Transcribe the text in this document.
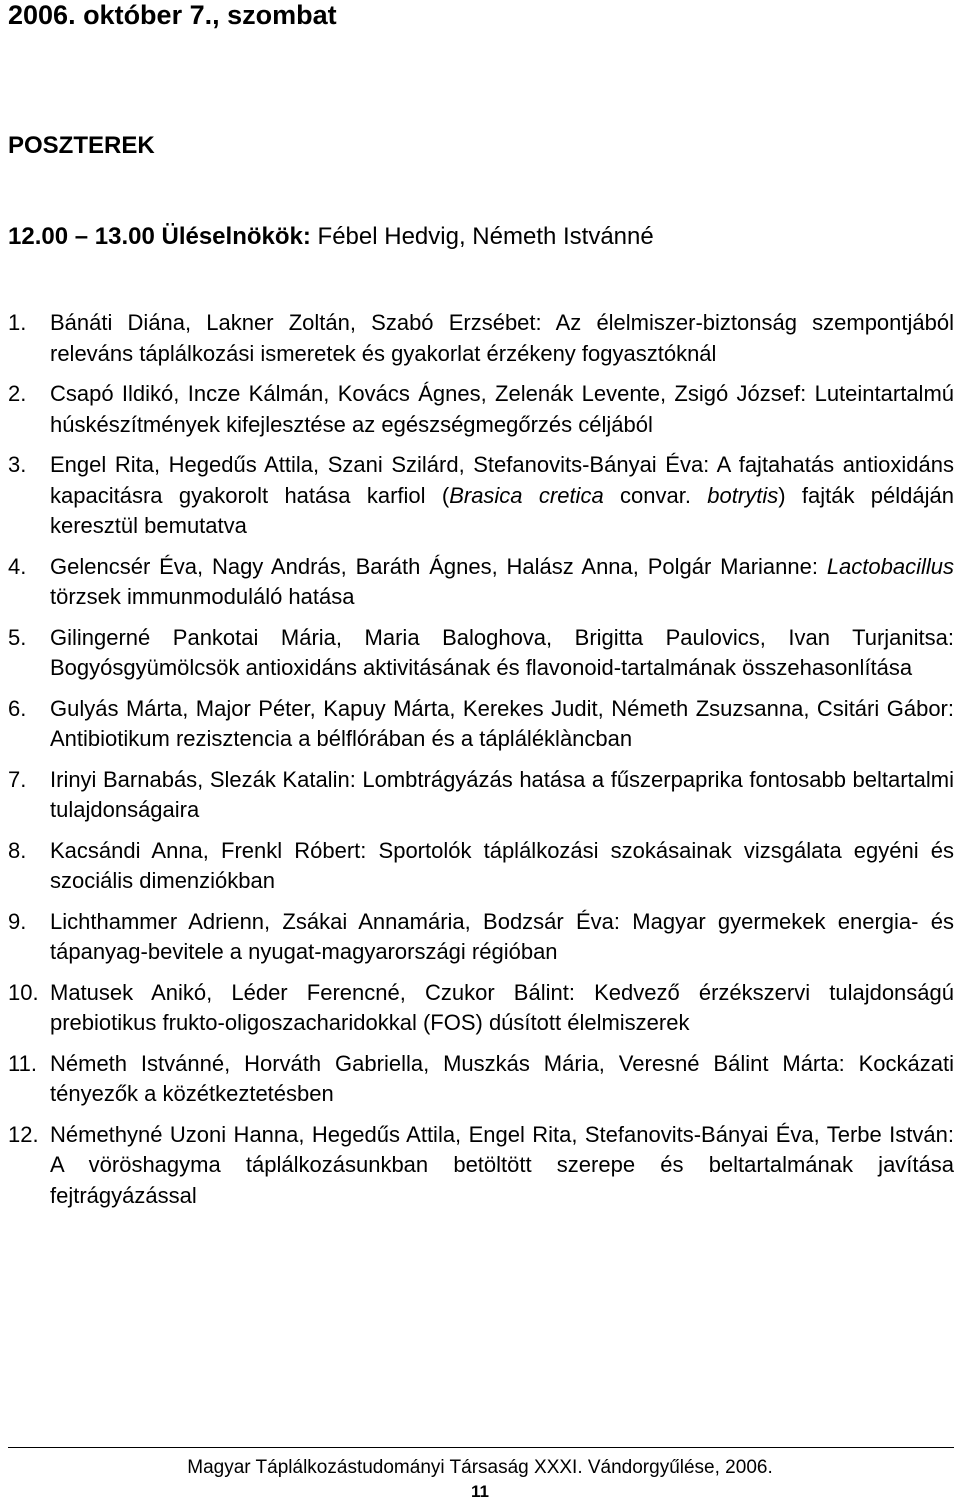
2006. október 7., szombat
POSZTEREK
12.00 – 13.00 Üléselnökök: Fébel Hedvig, Németh Istvánné
1. Bánáti Diána, Lakner Zoltán, Szabó Erzsébet: Az élelmiszer-biztonság szempontjából releváns táplálkozási ismeretek és gyakorlat érzékeny fogyasztóknál
2. Csapó Ildikó, Incze Kálmán, Kovács Ágnes, Zelenák Levente, Zsigó József: Luteintartalmú húskészítmények kifejlesztése az egészségmegőrzés céljából
3. Engel Rita, Hegedűs Attila, Szani Szilárd, Stefanovits-Bányai Éva: A fajtahatás antioxidáns kapacitásra gyakorolt hatása karfiol (Brasica cretica convar. botrytis) fajták példáján keresztül bemutatva
4. Gelencsér Éva, Nagy András, Baráth Ágnes, Halász Anna, Polgár Marianne: Lactobacillus törzsek immunmoduláló hatása
5. Gilingerné Pankotai Mária, Maria Baloghova, Brigitta Paulovics, Ivan Turjanitsa: Bogyósgyümölcsök antioxidáns aktivitásának és flavonoid-tartalmának összehasonlítása
6. Gulyás Márta, Major Péter, Kapuy Márta, Kerekes Judit, Németh Zsuzsanna, Csitári Gábor: Antibiotikum rezisztencia a bélflórában és a tápláléklàncban
7. Irinyi Barnabás, Slezák Katalin: Lombtrágyázás hatása a fűszerpaprika fontosabb beltartalmi tulajdonságaira
8. Kacsándi Anna, Frenkl Róbert: Sportolók táplálkozási szokásainak vizsgálata egyéni és szociális dimenziókban
9. Lichthammer Adrienn, Zsákai Annamária, Bodzsár Éva: Magyar gyermekek energia- és tápanyag-bevitele a nyugat-magyarországi régióban
10. Matusek Anikó, Léder Ferencné, Czukor Bálint: Kedvező érzékszervi tulajdonságú prebiotikus frukto-oligoszacharidokkal (FOS) dúsított élelmiszerek
11. Németh Istvánné, Horváth Gabriella, Muszkás Mária, Veresné Bálint Márta: Kockázati tényezők a közétkeztetésben
12. Némethyné Uzoni Hanna, Hegedűs Attila, Engel Rita, Stefanovits-Bányai Éva, Terbe István: A vöröshagyma táplálkozásunkban betöltött szerepe és beltartalmának javítása fejtrágyázással
Magyar Táplálkozástudományi Társaság XXXI. Vándorgyűlése, 2006.
11
